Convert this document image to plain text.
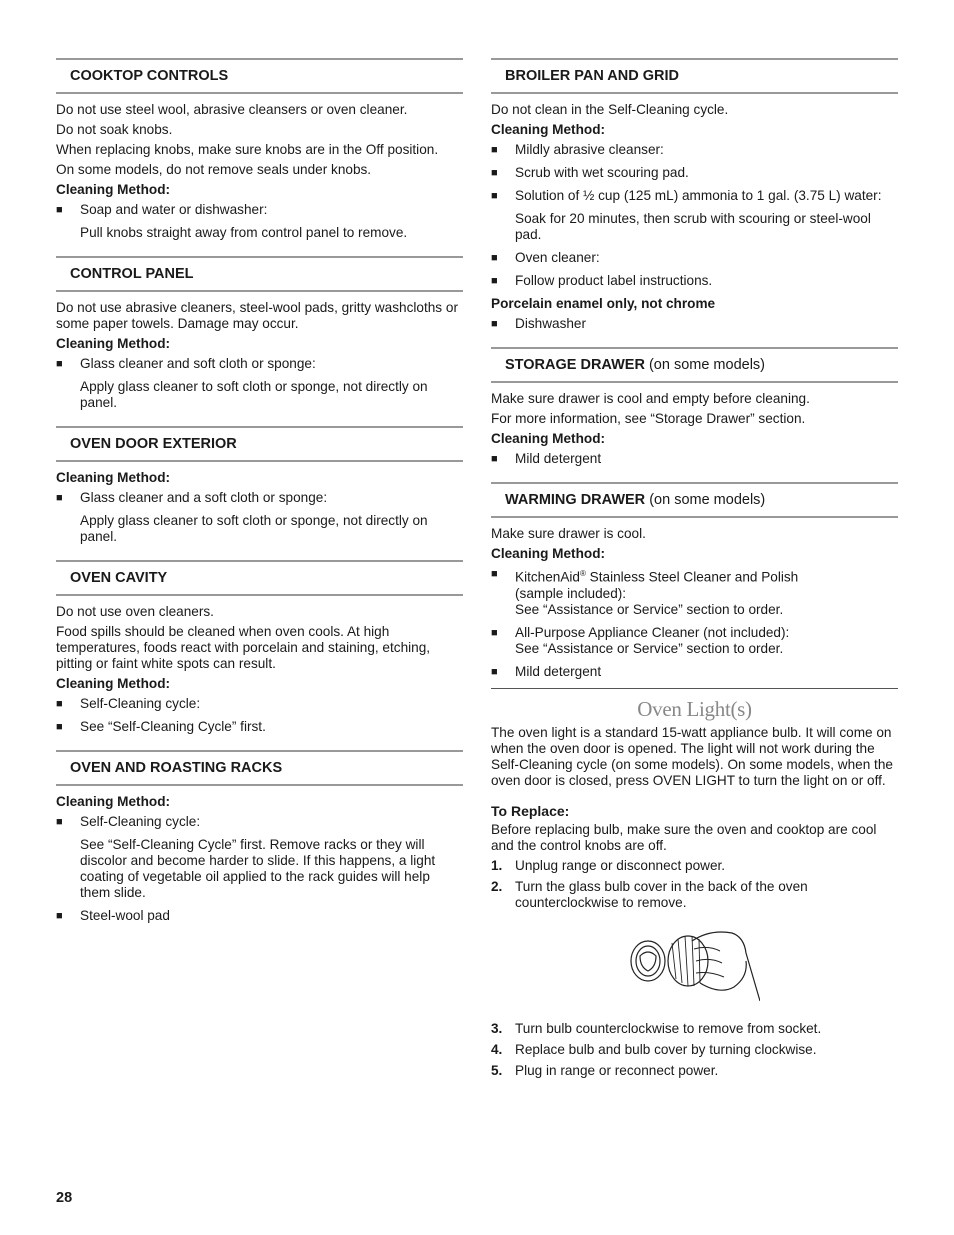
COOKTOP CONTROLS

Do not use steel wool, abrasive cleansers or oven cleaner.

Do not soak knobs.

When replacing knobs, make sure knobs are in the Off position.

On some models, do not remove seals under knobs.

Cleaning Method:
■ Soap and water or dishwasher:
Pull knobs straight away from control panel to remove.
CONTROL PANEL

Do not use abrasive cleaners, steel-wool pads, gritty washcloths or some paper towels. Damage may occur.

Cleaning Method:
■ Glass cleaner and soft cloth or sponge:
Apply glass cleaner to soft cloth or sponge, not directly on panel.
OVEN DOOR EXTERIOR
Cleaning Method:
■ Glass cleaner and a soft cloth or sponge:
Apply glass cleaner to soft cloth or sponge, not directly on panel.
OVEN CAVITY

Do not use oven cleaners.

Food spills should be cleaned when oven cools. At high temperatures, foods react with porcelain and staining, etching, pitting or faint white spots can result.

Cleaning Method:
■ Self-Cleaning cycle:
■ See “Self-Cleaning Cycle” first.
OVEN AND ROASTING RACKS
Cleaning Method:
■ Self-Cleaning cycle:
See “Self-Cleaning Cycle” first. Remove racks or they will discolor and become harder to slide. If this happens, a light coating of vegetable oil applied to the rack guides will help them slide.
■ Steel-wool pad
BROILER PAN AND GRID

Do not clean in the Self-Cleaning cycle.

Cleaning Method:
■ Mildly abrasive cleanser:
■ Scrub with wet scouring pad.
■ Solution of ½ cup (125 mL) ammonia to 1 gal. (3.75 L) water:
Soak for 20 minutes, then scrub with scouring or steel-wool pad.
■ Oven cleaner:
■ Follow product label instructions.
Porcelain enamel only, not chrome
■ Dishwasher
STORAGE DRAWER (on some models)

Make sure drawer is cool and empty before cleaning.

For more information, see “Storage Drawer” section.

Cleaning Method:
■ Mild detergent
WARMING DRAWER (on some models)

Make sure drawer is cool.

Cleaning Method:
■ KitchenAid® Stainless Steel Cleaner and Polish
(sample included):
See “Assistance or Service” section to order.
■ All-Purpose Appliance Cleaner (not included):
See “Assistance or Service” section to order.
■ Mild detergent
Oven Light(s)

The oven light is a standard 15-watt appliance bulb. It will come on when the oven door is opened. The light will not work during the Self-Cleaning cycle (on some models). On some models, when the oven door is closed, press OVEN LIGHT to turn the light on or off.

To Replace:

Before replacing bulb, make sure the oven and cooktop are cool and the control knobs are off.

1. Unplug range or disconnect power.
2. Turn the glass bulb cover in the back of the oven counterclockwise to remove.
3. Turn bulb counterclockwise to remove from socket.
4. Replace bulb and bulb cover by turning clockwise.
5. Plug in range or reconnect power.
28
